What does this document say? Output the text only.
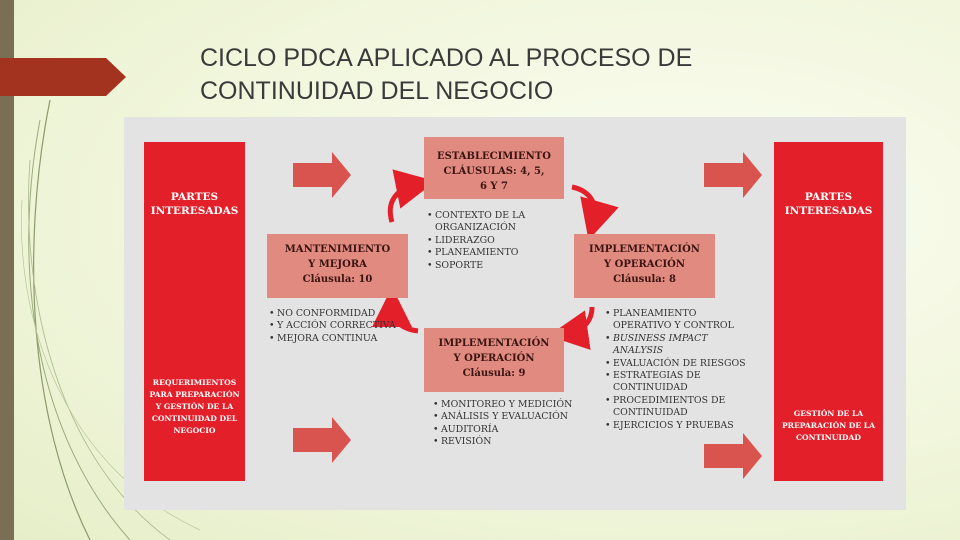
CICLO PDCA APLICADO AL PROCESO DE
CONTINUIDAD DEL NEGOCIO
PARTES
INTERESADAS
REQUERIMIENTOS
PARA PREPARACIÓN
Y GESTIÓN DE LA
CONTINUIDAD DEL
NEGOCIO
PARTES
INTERESADAS
GESTIÓN DE LA
PREPARACIÓN DE LA
CONTINUIDAD
ESTABLECIMIENTO
CLÁUSULAS: 4, 5,
6 Y 7
• CONTEXTO DE LA
ORGANIZACIÓN
• LIDERAZGO
• PLANEAMIENTO
• SOPORTE
MANTENIMIENTO
Y MEJORA
Cláusula: 10
• NO CONFORMIDAD
• Y ACCIÓN CORRECTIVA
• MEJORA CONTINUA
IMPLEMENTACIÓN
Y OPERACIÓN
Cláusula: 8
• PLANEAMIENTO
OPERATIVO Y CONTROL
• BUSINESS IMPACT
ANALYSIS
• EVALUACIÓN DE RIESGOS
• ESTRATEGIAS DE
CONTINUIDAD
• PROCEDIMIENTOS DE
CONTINUIDAD
• EJERCICIOS Y PRUEBAS
IMPLEMENTACIÓN
Y OPERACIÓN
Cláusula: 9
• MONITOREO Y MEDICIÓN
• ANÁLISIS Y EVALUACIÓN
• AUDITORÍA
• REVISIÓN
